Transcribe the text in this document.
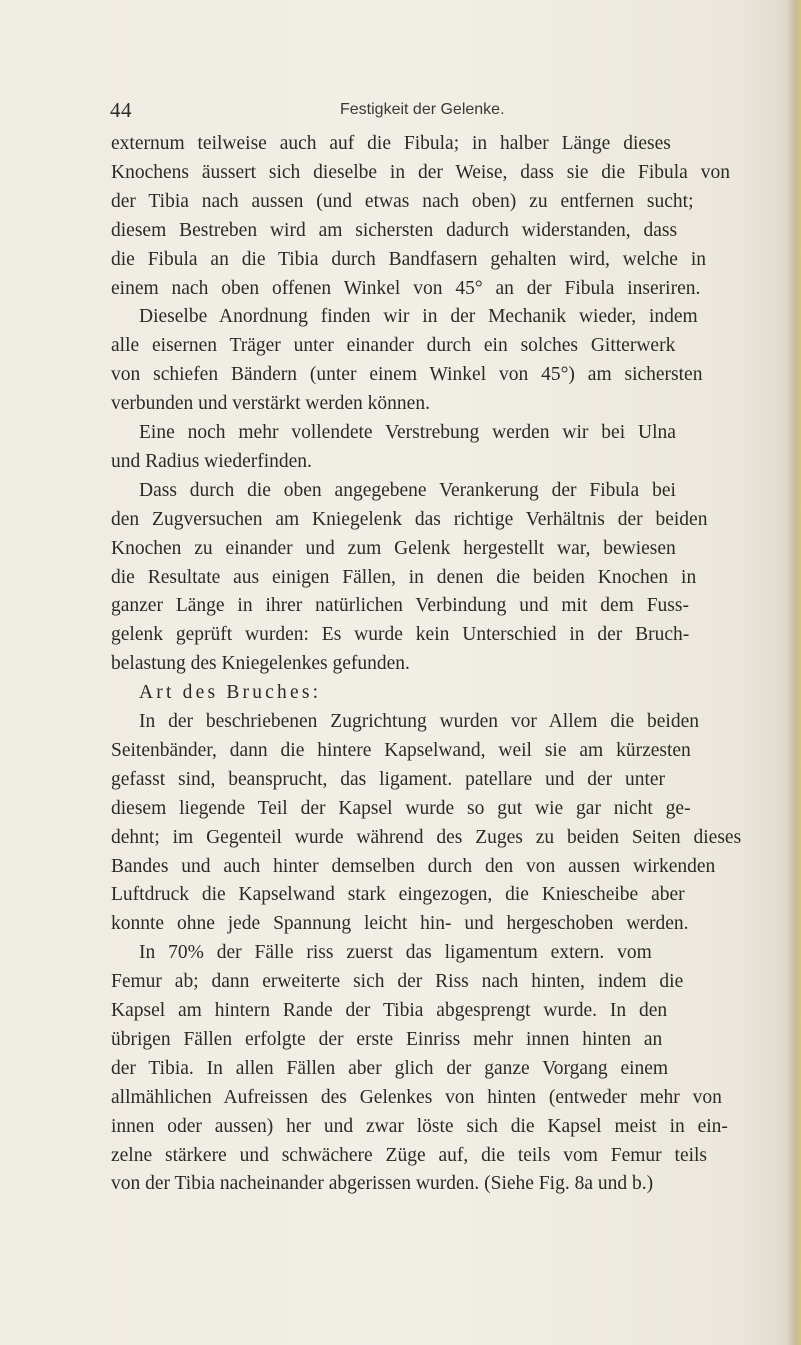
44	Festigkeit der Gelenke.
externum teilweise auch auf die Fibula; in halber Länge dieses
Knochens äussert sich dieselbe in der Weise, dass sie die Fibula von
der Tibia nach aussen (und etwas nach oben) zu entfernen sucht;
diesem Bestreben wird am sichersten dadurch widerstanden, dass
die Fibula an die Tibia durch Bandfasern gehalten wird, welche in
einem nach oben offenen Winkel von 45° an der Fibula inseriren.
Dieselbe Anordnung finden wir in der Mechanik wieder, indem
alle eisernen Träger unter einander durch ein solches Gitterwerk
von schiefen Bändern (unter einem Winkel von 45°) am sichersten
verbunden und verstärkt werden können.
Eine noch mehr vollendete Verstrebung werden wir bei Ulna
und Radius wiederfinden.
Dass durch die oben angegebene Verankerung der Fibula bei
den Zugversuchen am Kniegelenk das richtige Verhältnis der beiden
Knochen zu einander und zum Gelenk hergestellt war, bewiesen
die Resultate aus einigen Fällen, in denen die beiden Knochen in
ganzer Länge in ihrer natürlichen Verbindung und mit dem Fuss-
gelenk geprüft wurden: Es wurde kein Unterschied in der Bruch-
belastung des Kniegelenkes gefunden.
Art des Bruches:
In der beschriebenen Zugrichtung wurden vor Allem die beiden
Seitenbänder, dann die hintere Kapselwand, weil sie am kürzesten
gefasst sind, beansprucht, das ligament. patellare und der unter
diesem liegende Teil der Kapsel wurde so gut wie gar nicht ge-
dehnt; im Gegenteil wurde während des Zuges zu beiden Seiten dieses
Bandes und auch hinter demselben durch den von aussen wirkenden
Luftdruck die Kapselwand stark eingezogen, die Kniescheibe aber
konnte ohne jede Spannung leicht hin- und hergeschoben werden.
In 70% der Fälle riss zuerst das ligamentum extern. vom
Femur ab; dann erweiterte sich der Riss nach hinten, indem die
Kapsel am hintern Rande der Tibia abgesprengt wurde. In den
übrigen Fällen erfolgte der erste Einriss mehr innen hinten an
der Tibia. In allen Fällen aber glich der ganze Vorgang einem
allmählichen Aufreissen des Gelenkes von hinten (entweder mehr von
innen oder aussen) her und zwar löste sich die Kapsel meist in ein-
zelne stärkere und schwächere Züge auf, die teils vom Femur teils
von der Tibia nacheinander abgerissen wurden. (Siehe Fig. 8a und b.)
